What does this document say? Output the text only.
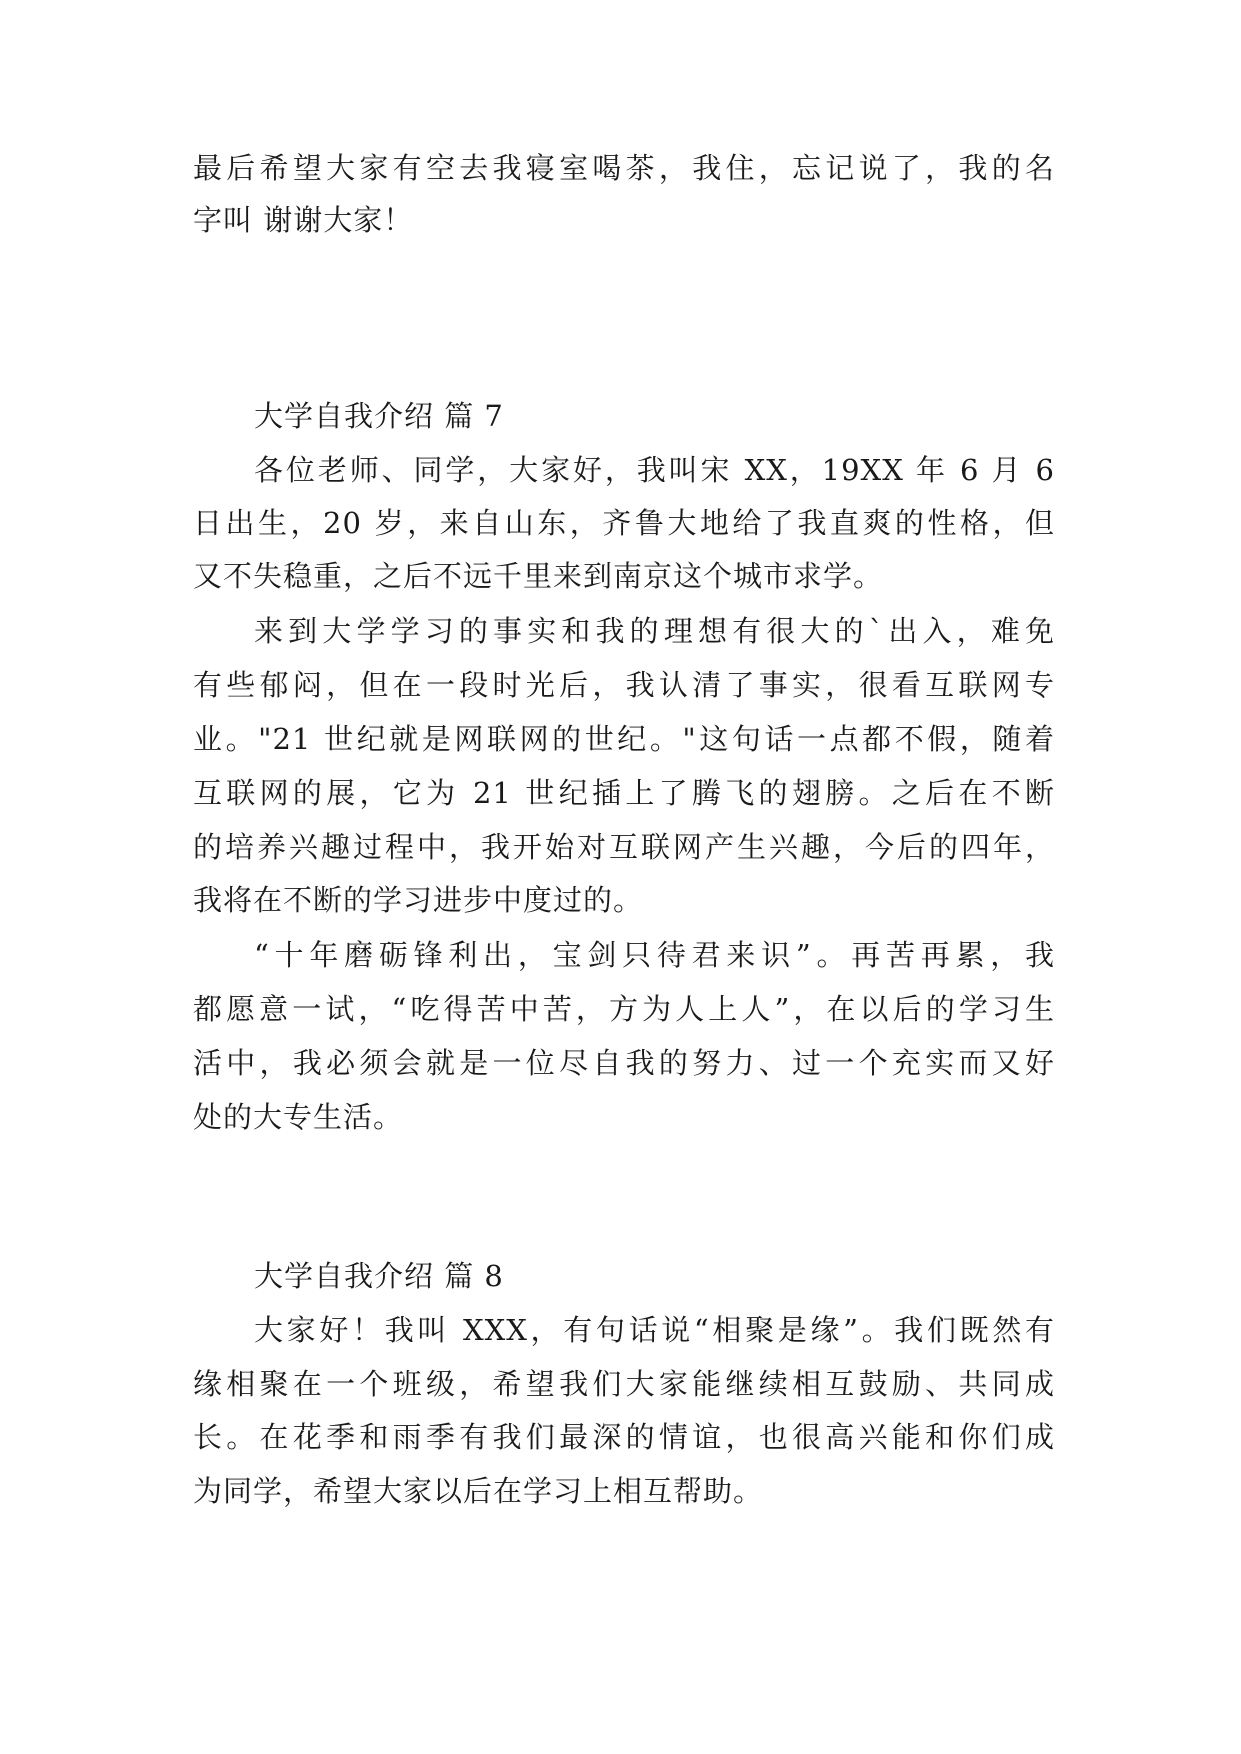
最后希望大家有空去我寝室喝茶，我住，忘记说了，我的名
字叫 谢谢大家！
大学自我介绍 篇 7
各位老师、同学，大家好，我叫宋 XX，19XX 年 6 月 6
日出生，20 岁，来自山东，齐鲁大地给了我直爽的性格，但
又不失稳重，之后不远千里来到南京这个城市求学。
来到大学学习的事实和我的理想有很大的`出入，难免
有些郁闷，但在一段时光后，我认清了事实，很看互联网专
业。"21 世纪就是网联网的世纪。"这句话一点都不假，随着
互联网的展，它为 21 世纪插上了腾飞的翅膀。之后在不断
的培养兴趣过程中，我开始对互联网产生兴趣，今后的四年，
我将在不断的学习进步中度过的。
“十年磨砺锋利出，宝剑只待君来识”。再苦再累，我
都愿意一试，“吃得苦中苦，方为人上人”，在以后的学习生
活中，我必须会就是一位尽自我的努力、过一个充实而又好
处的大专生活。
大学自我介绍 篇 8
大家好！我叫 XXX，有句话说“相聚是缘”。我们既然有
缘相聚在一个班级，希望我们大家能继续相互鼓励、共同成
长。在花季和雨季有我们最深的情谊，也很高兴能和你们成
为同学，希望大家以后在学习上相互帮助。
